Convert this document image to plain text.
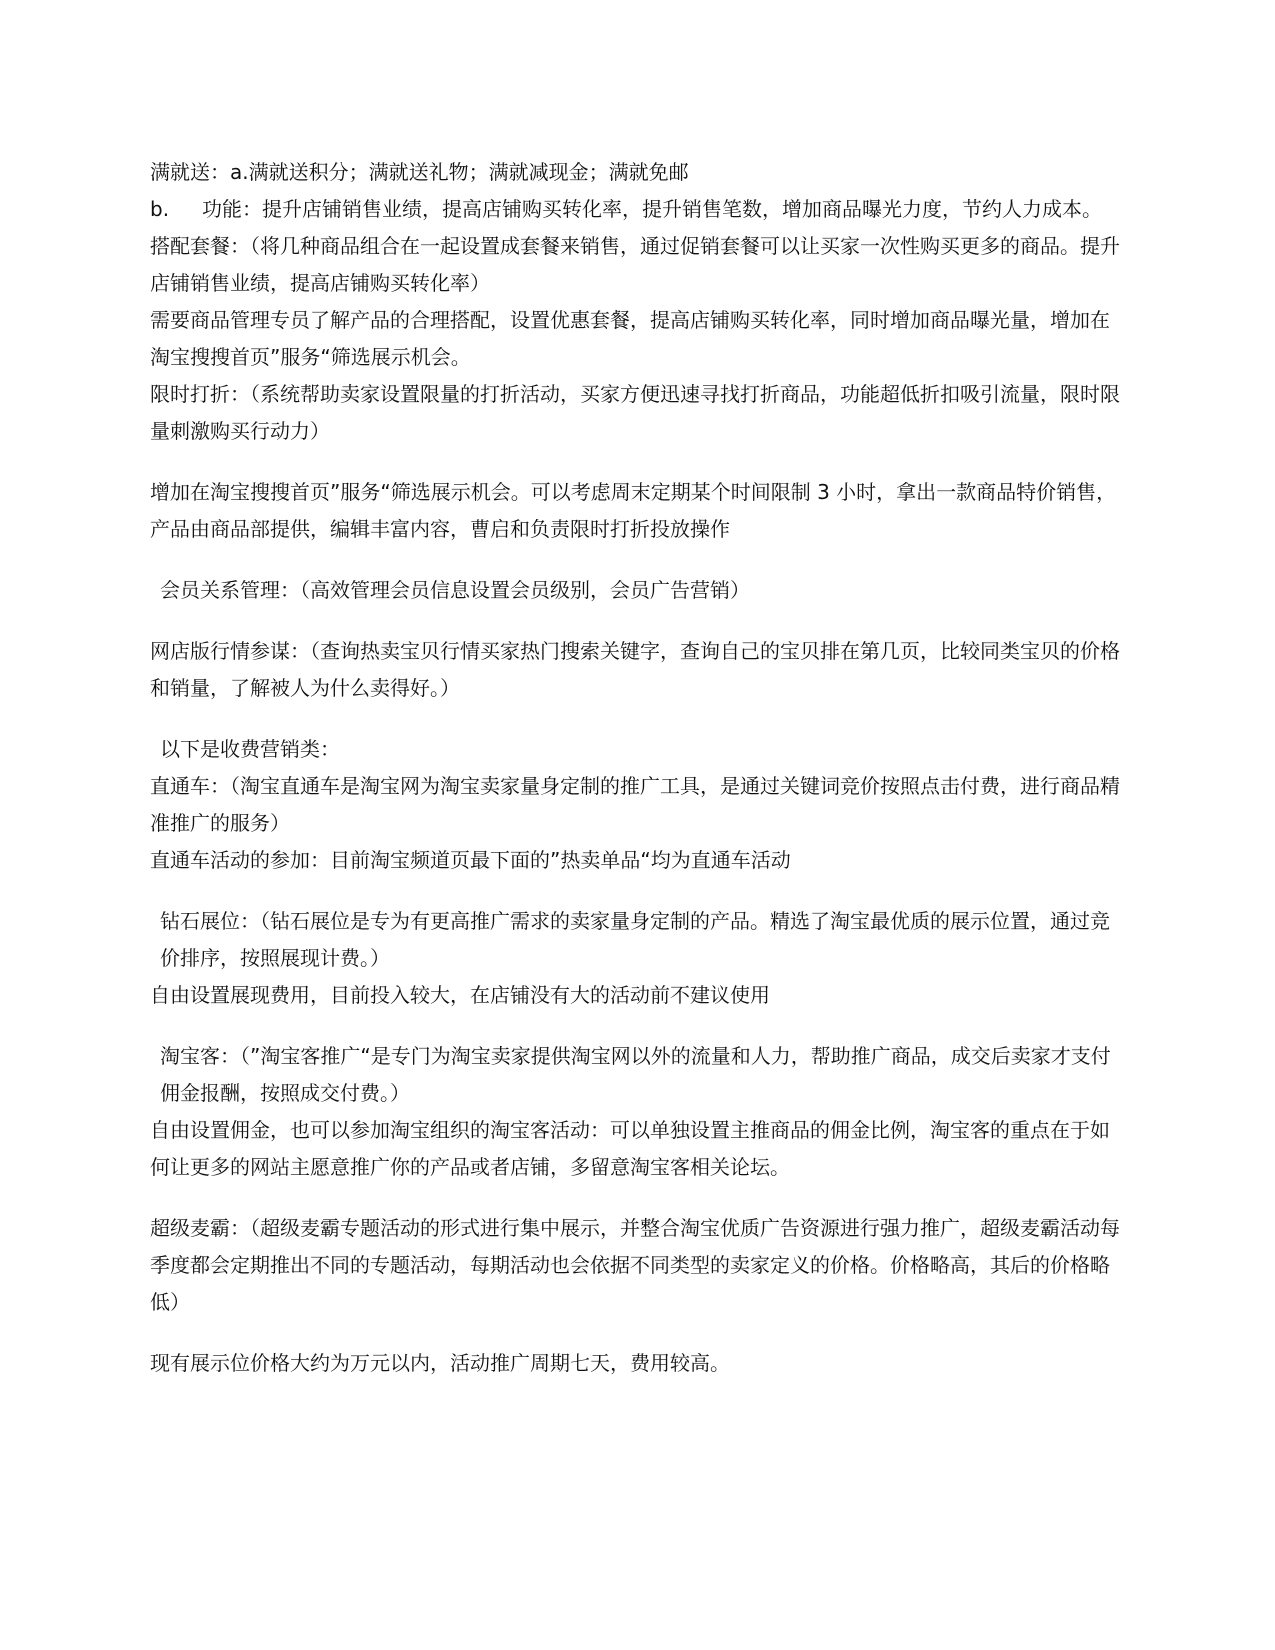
满就送：a.满就送积分；满就送礼物；满就减现金；满就免邮

b.	功能：提升店铺销售业绩，提高店铺购买转化率，提升销售笔数，增加商品曝光力度，节约人力成本。

搭配套餐：（将几种商品组合在一起设置成套餐来销售，通过促销套餐可以让买家一次性购买更多的商品。提升店铺销售业绩，提高店铺购买转化率）

需要商品管理专员了解产品的合理搭配，设置优惠套餐，提高店铺购买转化率，同时增加商品曝光量，增加在淘宝搜搜首页”服务“筛选展示机会。

限时打折：（系统帮助卖家设置限量的打折活动，买家方便迅速寻找打折商品，功能超低折扣吸引流量，限时限量刺激购买行动力）

增加在淘宝搜搜首页”服务“筛选展示机会。可以考虑周末定期某个时间限制 3 小时，拿出一款商品特价销售，产品由商品部提供，编辑丰富内容，曹启和负责限时打折投放操作

会员关系管理：（高效管理会员信息设置会员级别，会员广告营销）

网店版行情参谋：（查询热卖宝贝行情买家热门搜索关键字，查询自己的宝贝排在第几页，比较同类宝贝的价格和销量，了解被人为什么卖得好。）

以下是收费营销类：

直通车：（淘宝直通车是淘宝网为淘宝卖家量身定制的推广工具，是通过关键词竞价按照点击付费，进行商品精准推广的服务）

直通车活动的参加：目前淘宝频道页最下面的”热卖单品“均为直通车活动

钻石展位：（钻石展位是专为有更高推广需求的卖家量身定制的产品。精选了淘宝最优质的展示位置，通过竞价排序，按照展现计费。）

自由设置展现费用，目前投入较大，在店铺没有大的活动前不建议使用

淘宝客：（”淘宝客推广“是专门为淘宝卖家提供淘宝网以外的流量和人力，帮助推广商品，成交后卖家才支付佣金报酬，按照成交付费。）

自由设置佣金，也可以参加淘宝组织的淘宝客活动：可以单独设置主推商品的佣金比例，淘宝客的重点在于如何让更多的网站主愿意推广你的产品或者店铺，多留意淘宝客相关论坛。

超级麦霸：（超级麦霸专题活动的形式进行集中展示，并整合淘宝优质广告资源进行强力推广，超级麦霸活动每季度都会定期推出不同的专题活动，每期活动也会依据不同类型的卖家定义的价格。价格略高，其后的价格略低）

现有展示位价格大约为万元以内，活动推广周期七天，费用较高。
